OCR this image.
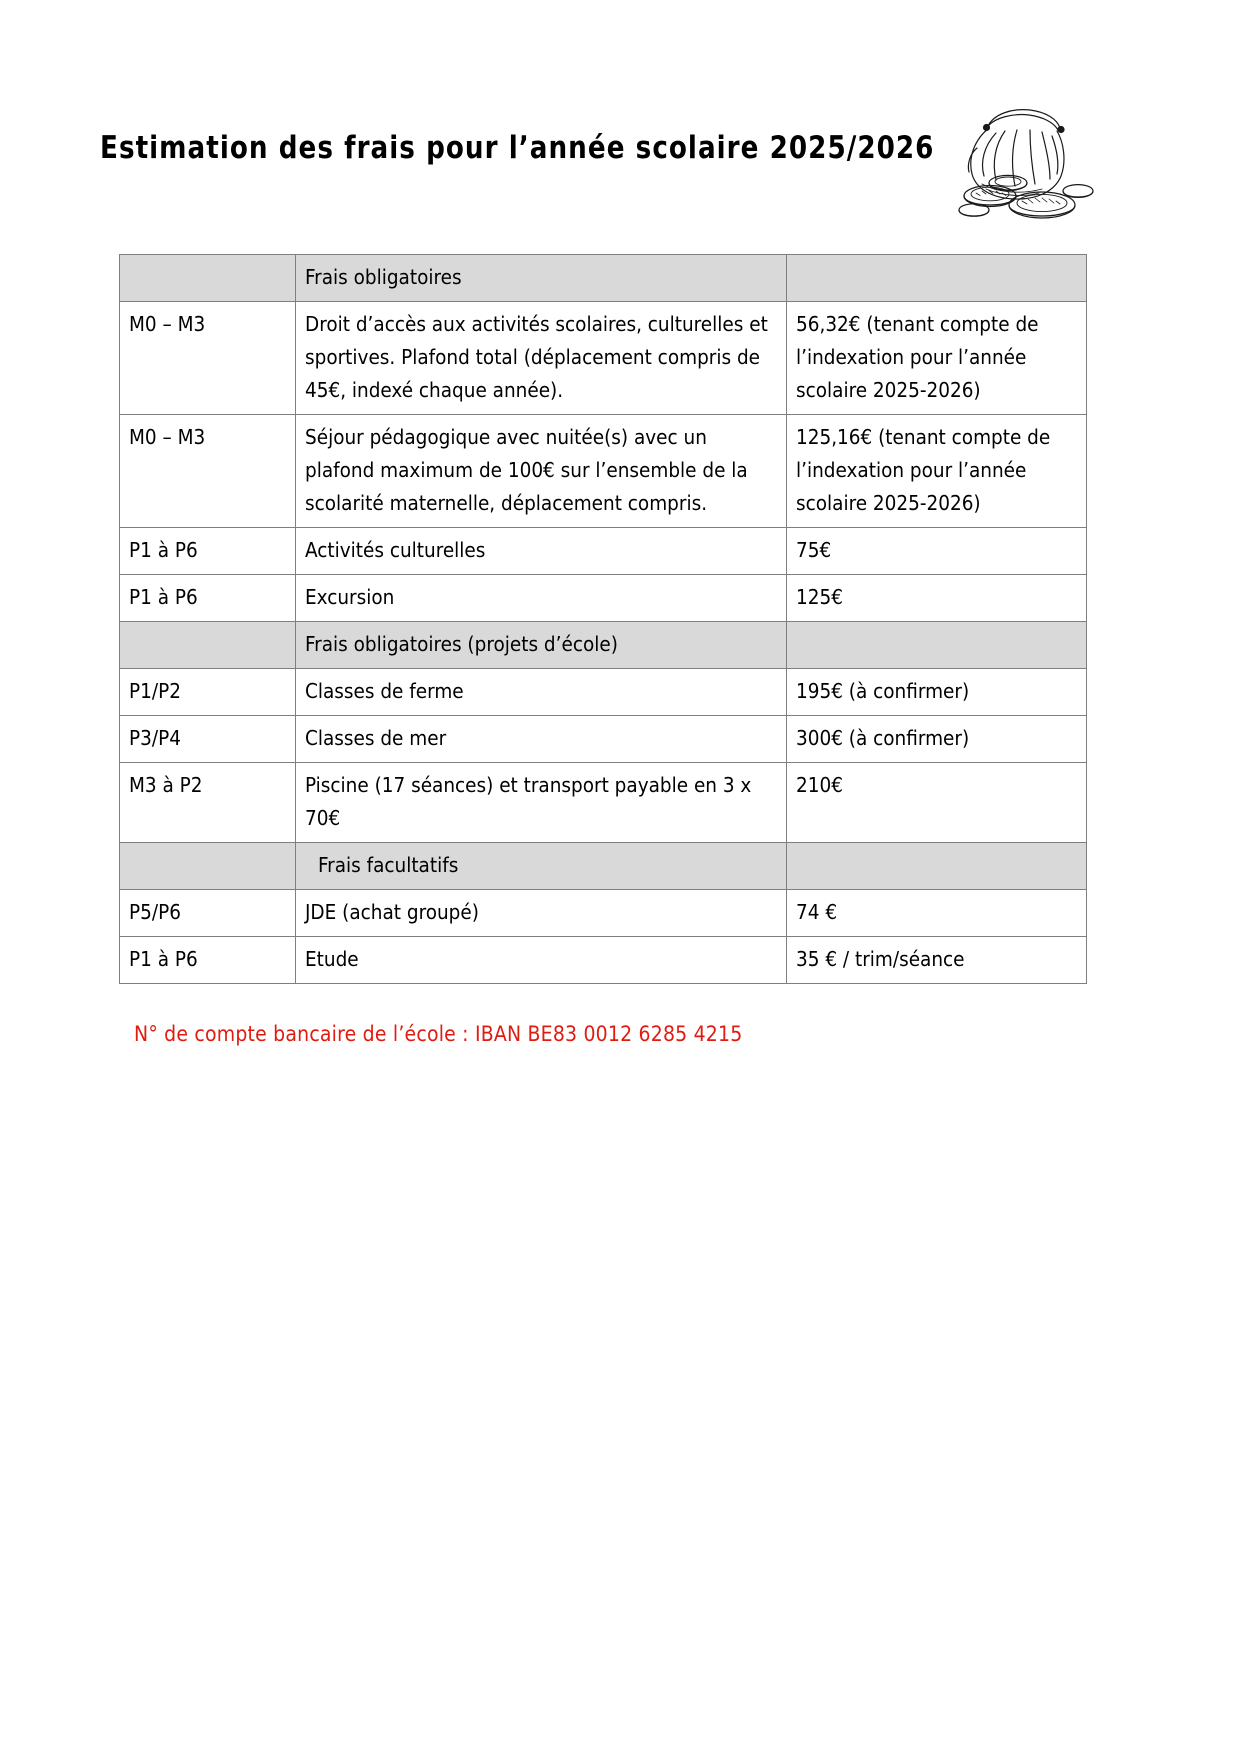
Estimation des frais pour l’année scolaire 2025/2026

	Frais obligatoires	

M0 – M3	Droit d’accès aux activités scolaires, culturelles et sportives. Plafond total (déplacement compris de 45€, indexé chaque année).	56,32€ (tenant compte de l’indexation pour l’année scolaire 2025-2026)

M0 – M3	Séjour pédagogique avec nuitée(s) avec un plafond maximum de 100€ sur l’ensemble de la scolarité maternelle, déplacement compris.	125,16€ (tenant compte de l’indexation pour l’année scolaire 2025-2026)

P1 à P6	Activités culturelles	75€

P1 à P6	Excursion	125€

	Frais obligatoires (projets d’école)	

P1/P2	Classes de ferme	195€ (à confirmer)

P3/P4	Classes de mer	300€ (à confirmer)

M3 à P2	Piscine (17 séances) et transport payable en 3 x 70€	210€

	Frais facultatifs	

P5/P6	JDE (achat groupé)	74 €

P1 à P6	Etude	35 € / trim/séance
N° de compte bancaire de l’école : IBAN BE83 0012 6285 4215
